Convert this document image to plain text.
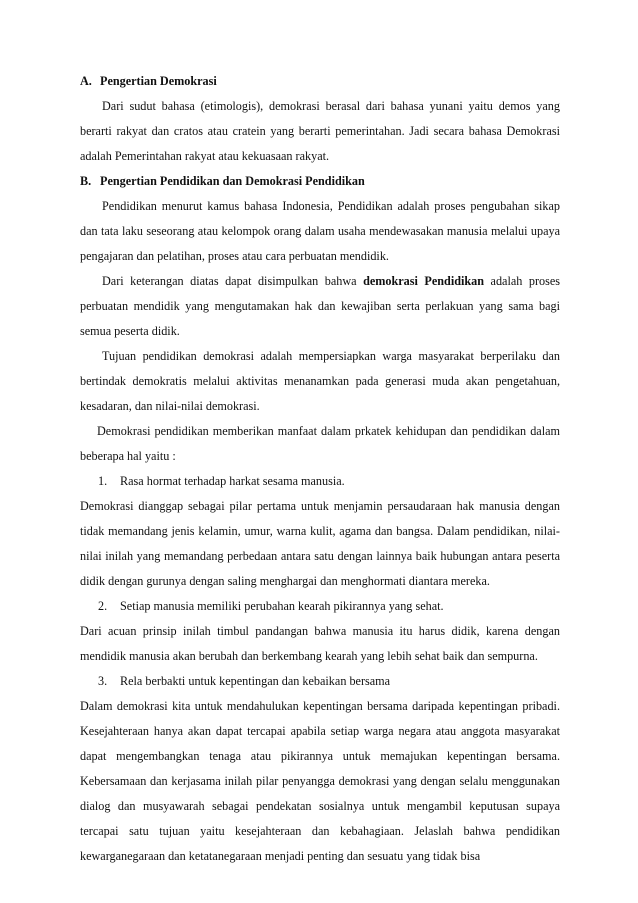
A. Pengertian Demokrasi

Dari sudut bahasa (etimologis), demokrasi berasal dari bahasa yunani yaitu demos yang berarti rakyat dan cratos atau cratein yang berarti pemerintahan. Jadi secara bahasa Demokrasi adalah Pemerintahan rakyat atau kekuasaan rakyat.

B. Pengertian Pendidikan dan Demokrasi Pendidikan

Pendidikan menurut kamus bahasa Indonesia, Pendidikan adalah proses pengubahan sikap dan tata laku seseorang atau kelompok orang dalam usaha mendewasakan manusia melalui upaya pengajaran dan pelatihan, proses atau cara perbuatan mendidik.

Dari keterangan diatas dapat disimpulkan bahwa demokrasi Pendidikan adalah proses perbuatan mendidik yang mengutamakan hak dan kewajiban serta perlakuan yang sama bagi semua peserta didik.

Tujuan pendidikan demokrasi adalah mempersiapkan warga masyarakat berperilaku dan bertindak demokratis melalui aktivitas menanamkan pada generasi muda akan pengetahuan, kesadaran, dan nilai-nilai demokrasi.

Demokrasi pendidikan memberikan manfaat dalam prkatek kehidupan dan pendidikan dalam beberapa hal yaitu :

1. Rasa hormat terhadap harkat sesama manusia.

Demokrasi dianggap sebagai pilar pertama untuk menjamin persaudaraan hak manusia dengan tidak memandang jenis kelamin, umur, warna kulit, agama dan bangsa. Dalam pendidikan, nilai-nilai inilah yang memandang perbedaan antara satu dengan lainnya baik hubungan antara peserta didik dengan gurunya dengan saling menghargai dan menghormati diantara mereka.

2. Setiap manusia memiliki perubahan kearah pikirannya yang sehat.

Dari acuan prinsip inilah timbul pandangan bahwa manusia itu harus didik, karena dengan mendidik manusia akan berubah dan berkembang kearah yang lebih sehat baik dan sempurna.

3. Rela berbakti untuk kepentingan dan kebaikan bersama

Dalam demokrasi kita untuk mendahulukan kepentingan bersama daripada kepentingan pribadi. Kesejahteraan hanya akan dapat tercapai apabila setiap warga negara atau anggota masyarakat dapat mengembangkan tenaga atau pikirannya untuk memajukan kepentingan bersama. Kebersamaan dan kerjasama inilah pilar penyangga demokrasi yang dengan selalu menggunakan dialog dan musyawarah sebagai pendekatan sosialnya untuk mengambil keputusan supaya tercapai satu tujuan yaitu kesejahteraan dan kebahagiaan. Jelaslah bahwa pendidikan kewarganegaraan dan ketatanegaraan menjadi penting dan sesuatu yang tidak bisa
